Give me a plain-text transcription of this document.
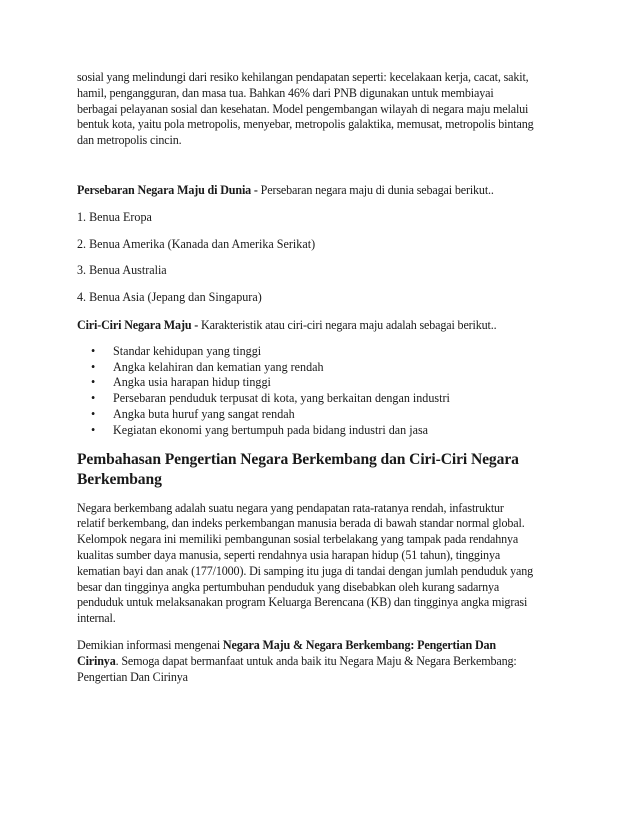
sosial yang melindungi dari resiko kehilangan pendapatan seperti: kecelakaan kerja, cacat, sakit,

hamil, pengangguran, dan masa tua. Bahkan 46% dari PNB digunakan untuk membiayai

berbagai pelayanan sosial dan kesehatan. Model pengembangan wilayah di negara maju melalui

bentuk kota, yaitu pola metropolis, menyebar, metropolis galaktika, memusat, metropolis bintang

dan metropolis cincin.

Persebaran Negara Maju di Dunia - Persebaran negara maju di dunia sebagai berikut..

1. Benua Eropa

2. Benua Amerika (Kanada dan Amerika Serikat)

3. Benua Australia

4. Benua Asia (Jepang dan Singapura)

Ciri-Ciri Negara Maju - Karakteristik atau ciri-ciri negara maju adalah sebagai berikut..

• Standar kehidupan yang tinggi
• Angka kelahiran dan kematian yang rendah
• Angka usia harapan hidup tinggi
• Persebaran penduduk terpusat di kota, yang berkaitan dengan industri
• Angka buta huruf yang sangat rendah
• Kegiatan ekonomi yang bertumpuh pada bidang industri dan jasa
Pembahasan Pengertian Negara Berkembang dan Ciri-Ciri Negara Berkembang

Negara berkembang adalah suatu negara yang pendapatan rata-ratanya rendah, infastruktur

relatif berkembang, dan indeks perkembangan manusia berada di bawah standar normal global.

Kelompok negara ini memiliki pembangunan sosial terbelakang yang tampak pada rendahnya

kualitas sumber daya manusia, seperti rendahnya usia harapan hidup (51 tahun), tingginya

kematian bayi dan anak (177/1000). Di samping itu juga di tandai dengan jumlah penduduk yang

besar dan tingginya angka pertumbuhan penduduk yang disebabkan oleh kurang sadarnya

penduduk untuk melaksanakan program Keluarga Berencana (KB) dan tingginya angka migrasi

internal.

Demikian informasi mengenai Negara Maju & Negara Berkembang: Pengertian Dan

Cirinya. Semoga dapat bermanfaat untuk anda baik itu Negara Maju & Negara Berkembang:

Pengertian Dan Cirinya
